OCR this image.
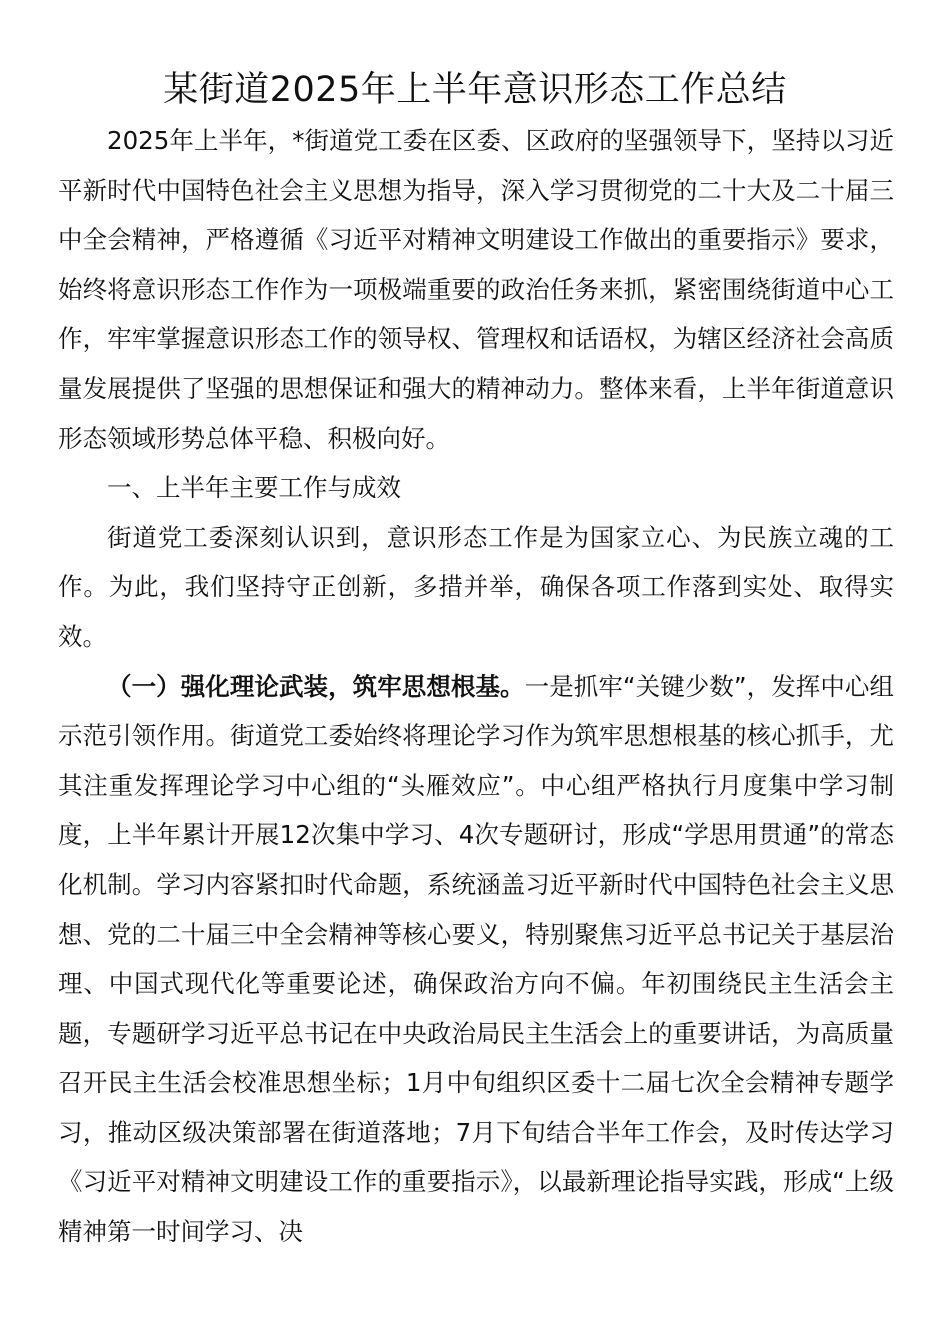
某街道2025年上半年意识形态工作总结

2025年上半年，*街道党工委在区委、区政府的坚强领导下，坚持以习近平新时代中国特色社会主义思想为指导，深入学习贯彻党的二十大及二十届三中全会精神，严格遵循《习近平对精神文明建设工作做出的重要指示》要求，始终将意识形态工作作为一项极端重要的政治任务来抓，紧密围绕街道中心工作，牢牢掌握意识形态工作的领导权、管理权和话语权，为辖区经济社会高质量发展提供了坚强的思想保证和强大的精神动力。整体来看，上半年街道意识形态领域形势总体平稳、积极向好。

一、上半年主要工作与成效

街道党工委深刻认识到，意识形态工作是为国家立心、为民族立魂的工作。为此，我们坚持守正创新，多措并举，确保各项工作落到实处、取得实效。

（一）强化理论武装，筑牢思想根基。一是抓牢“关键少数”，发挥中心组示范引领作用。街道党工委始终将理论学习作为筑牢思想根基的核心抓手，尤其注重发挥理论学习中心组的“头雁效应”。中心组严格执行月度集中学习制度，上半年累计开展12次集中学习、4次专题研讨，形成“学思用贯通”的常态化机制。学习内容紧扣时代命题，系统涵盖习近平新时代中国特色社会主义思想、党的二十届三中全会精神等核心要义，特别聚焦习近平总书记关于基层治理、中国式现代化等重要论述，确保政治方向不偏。年初围绕民主生活会主题，专题研学习近平总书记在中央政治局民主生活会上的重要讲话，为高质量召开民主生活会校准思想坐标；1月中旬组织区委十二届七次全会精神专题学习，推动区级决策部署在街道落地；7月下旬结合半年工作会，及时传达学习《习近平对精神文明建设工作的重要指示》，以最新理论指导实践，形成“上级精神第一时间学习、决
